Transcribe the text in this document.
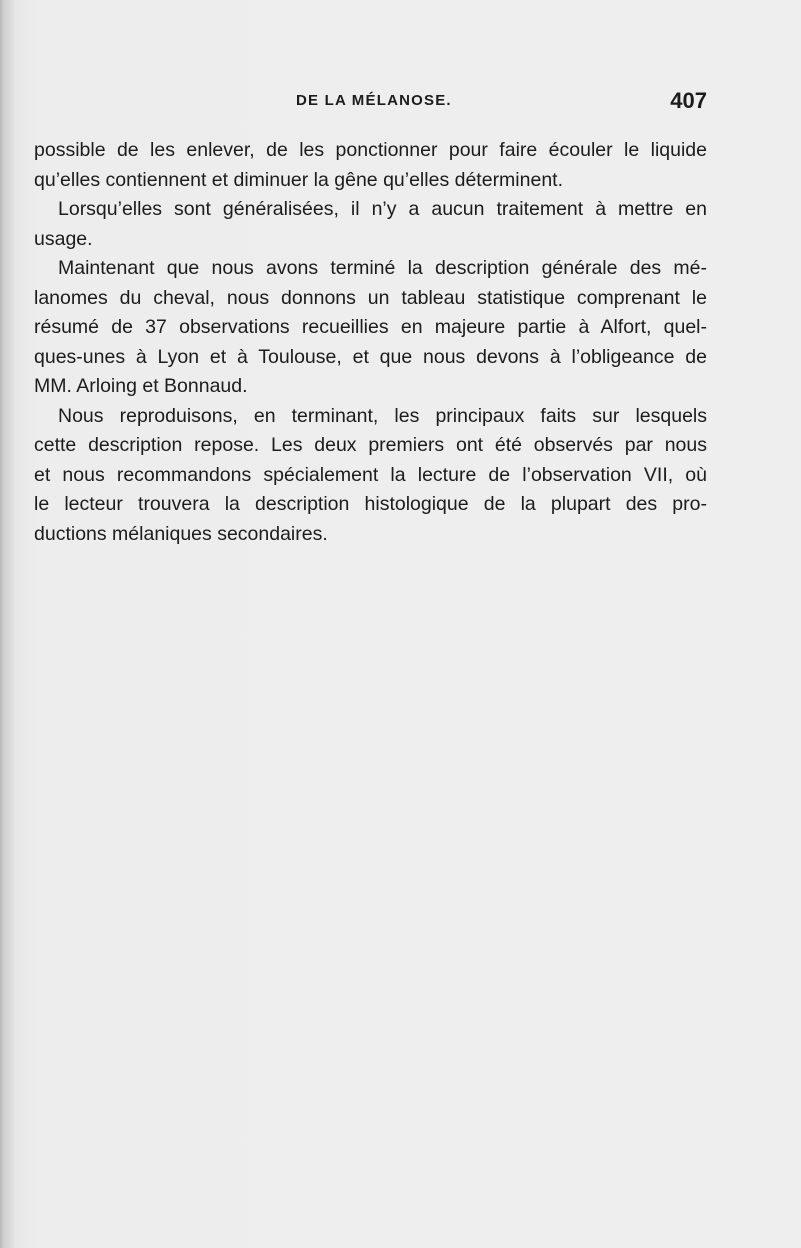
DE LA MÉLANOSE.	407
possible de les enlever, de les ponctionner pour faire écouler le liquide
qu’elles contiennent et diminuer la gêne qu’elles déterminent.
Lorsqu’elles sont généralisées, il n’y a aucun traitement à mettre en
usage.
Maintenant que nous avons terminé la description générale des mé-
lanomes du cheval, nous donnons un tableau statistique comprenant le
résumé de 37 observations recueillies en majeure partie à Alfort, quel-
ques-unes à Lyon et à Toulouse, et que nous devons à l’obligeance de
MM. Arloing et Bonnaud.
Nous reproduisons, en terminant, les principaux faits sur lesquels
cette description repose. Les deux premiers ont été observés par nous
et nous recommandons spécialement la lecture de l’observation VII, où
le lecteur trouvera la description histologique de la plupart des pro-
ductions mélaniques secondaires.
